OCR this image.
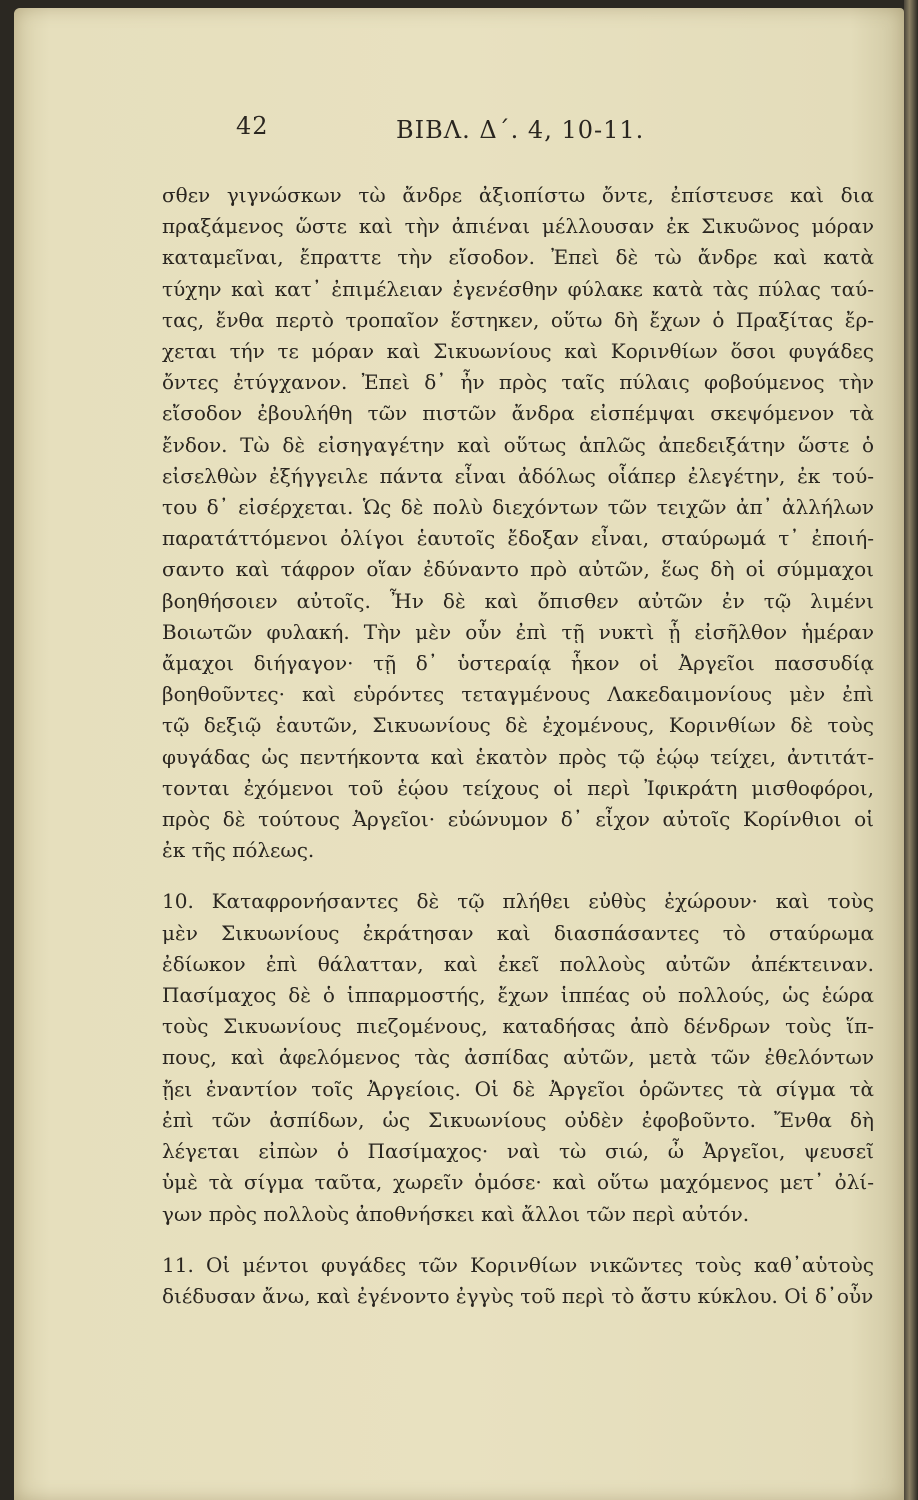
42	ΒΙΒΛ. Δ΄. 4, 10-11.
σθεν γιγνώσκων τὼ ἄνδρε ἀξιοπίστω ὄντε, ἐπίστευσε καὶ δια
πραξάμενος ὥστε καὶ τὴν ἀπιέναι μέλλουσαν ἐκ Σικυῶνος μόραν
καταμεῖναι, ἔπραττε τὴν εἴσοδον. Ἐπεὶ δὲ τὼ ἄνδρε καὶ κατὰ
τύχην καὶ κατ᾽ ἐπιμέλειαν ἐγενέσθην φύλακε κατὰ τὰς πύλας ταύ-
τας, ἔνθα περτὸ τροπαῖον ἕστηκεν, οὕτω δὴ ἔχων ὁ Πραξίτας ἔρ-
χεται τήν τε μόραν καὶ Σικυωνίους καὶ Κορινθίων ὅσοι φυγάδες
ὄντες ἐτύγχανον. Ἐπεὶ δ᾽ ἦν πρὸς ταῖς πύλαις φοβούμενος τὴν
εἴσοδον ἐβουλήθη τῶν πιστῶν ἄνδρα εἰσπέμψαι σκεψόμενον τὰ
ἔνδον. Τὼ δὲ εἰσηγαγέτην καὶ οὕτως ἁπλῶς ἀπεδειξάτην ὥστε ὁ
εἰσελθὼν ἐξήγγειλε πάντα εἶναι ἀδόλως οἷάπερ ἐλεγέτην, ἐκ τού-
του δ᾽ εἰσέρχεται. Ὡς δὲ πολὺ διεχόντων τῶν τειχῶν ἀπ᾽ ἀλλήλων
παρατάττόμενοι ὀλίγοι ἑαυτοῖς ἔδοξαν εἶναι, σταύρωμά τ᾽ ἐποιή-
σαντο καὶ τάφρον οἵαν ἐδύναντο πρὸ αὐτῶν, ἕως δὴ οἱ σύμμαχοι
βοηθήσοιεν αὐτοῖς. Ἦν δὲ καὶ ὄπισθεν αὐτῶν ἐν τῷ λιμένι
Βοιωτῶν φυλακή. Τὴν μὲν οὖν ἐπὶ τῇ νυκτὶ ᾗ εἰσῆλθον ἡμέραν
ἄμαχοι διήγαγον· τῇ δ᾽ ὑστεραίᾳ ἧκον οἱ Ἀργεῖοι πασσυδίᾳ
βοηθοῦντες· καὶ εὑρόντες τεταγμένους Λακεδαιμονίους μὲν ἐπὶ
τῷ δεξιῷ ἑαυτῶν, Σικυωνίους δὲ ἐχομένους, Κορινθίων δὲ τοὺς
φυγάδας ὡς πεντήκοντα καὶ ἑκατὸν πρὸς τῷ ἑῴῳ τείχει, ἀντιτάτ-
τονται ἐχόμενοι τοῦ ἑῴου τείχους οἱ περὶ Ἰφικράτη μισθοφόροι,
πρὸς δὲ τούτους Ἀργεῖοι· εὐώνυμον δ᾽ εἶχον αὐτοῖς Κορίνθιοι οἱ
ἐκ τῆς πόλεως.
10. Καταφρονήσαντες δὲ τῷ πλήθει εὐθὺς ἐχώρουν· καὶ τοὺς
μὲν Σικυωνίους ἐκράτησαν καὶ διασπάσαντες τὸ σταύρωμα
ἐδίωκον ἐπὶ θάλατταν, καὶ ἐκεῖ πολλοὺς αὐτῶν ἀπέκτειναν.
Πασίμαχος δὲ ὁ ἱππαρμοστής, ἔχων ἱππέας οὐ πολλούς, ὡς ἑώρα
τοὺς Σικυωνίους πιεζομένους, καταδήσας ἀπὸ δένδρων τοὺς ἵπ-
πους, καὶ ἀφελόμενος τὰς ἀσπίδας αὐτῶν, μετὰ τῶν ἐθελόντων
ᾔει ἐναντίον τοῖς Ἀργείοις. Οἱ δὲ Ἀργεῖοι ὁρῶντες τὰ σίγμα τὰ
ἐπὶ τῶν ἀσπίδων, ὡς Σικυωνίους οὐδὲν ἐφοβοῦντο. Ἔνθα δὴ
λέγεται εἰπὼν ὁ Πασίμαχος· ναὶ τὼ σιώ, ὦ Ἀργεῖοι, ψευσεῖ
ὑμὲ τὰ σίγμα ταῦτα, χωρεῖν ὁμόσε· καὶ οὕτω μαχόμενος μετ᾽ ὀλί-
γων πρὸς πολλοὺς ἀποθνήσκει καὶ ἄλλοι τῶν περὶ αὐτόν.
11. Οἱ μέντοι φυγάδες τῶν Κορινθίων νικῶντες τοὺς καθ᾽αὑτοὺς
διέδυσαν ἄνω, καὶ ἐγένοντο ἐγγὺς τοῦ περὶ τὸ ἄστυ κύκλου. Οἱ δ᾽οὖν
